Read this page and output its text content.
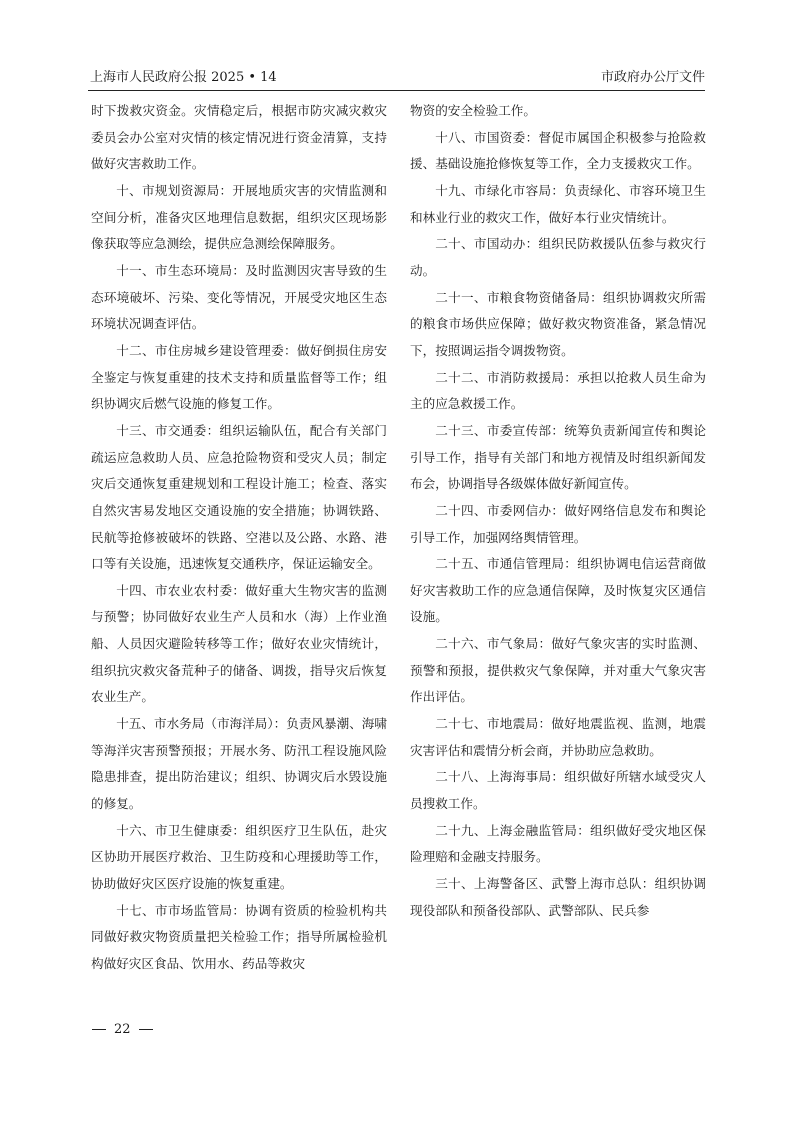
上海市人民政府公报 2025 • 14	市政府办公厅文件

时下拨救灾资金。灾情稳定后，根据市防灾减灾救灾委员会办公室对灾情的核定情况进行资金清算，支持做好灾害救助工作。

十、市规划资源局：开展地质灾害的灾情监测和空间分析，准备灾区地理信息数据，组织灾区现场影像获取等应急测绘，提供应急测绘保障服务。

十一、市生态环境局：及时监测因灾害导致的生态环境破坏、污染、变化等情况，开展受灾地区生态环境状况调查评估。

十二、市住房城乡建设管理委：做好倒损住房安全鉴定与恢复重建的技术支持和质量监督等工作；组织协调灾后燃气设施的修复工作。

十三、市交通委：组织运输队伍，配合有关部门疏运应急救助人员、应急抢险物资和受灾人员；制定灾后交通恢复重建规划和工程设计施工；检查、落实自然灾害易发地区交通设施的安全措施；协调铁路、民航等抢修被破坏的铁路、空港以及公路、水路、港口等有关设施，迅速恢复交通秩序，保证运输安全。

十四、市农业农村委：做好重大生物灾害的监测与预警；协同做好农业生产人员和水（海）上作业渔船、人员因灾避险转移等工作；做好农业灾情统计，组织抗灾救灾备荒种子的储备、调拨，指导灾后恢复农业生产。

十五、市水务局（市海洋局）：负责风暴潮、海啸等海洋灾害预警预报；开展水务、防汛工程设施风险隐患排查，提出防治建议；组织、协调灾后水毁设施的修复。

十六、市卫生健康委：组织医疗卫生队伍，赴灾区协助开展医疗救治、卫生防疫和心理援助等工作，协助做好灾区医疗设施的恢复重建。

十七、市市场监管局：协调有资质的检验机构共同做好救灾物资质量把关检验工作；指导所属检验机构做好灾区食品、饮用水、药品等救灾

物资的安全检验工作。

十八、市国资委：督促市属国企积极参与抢险救援、基础设施抢修恢复等工作，全力支援救灾工作。

十九、市绿化市容局：负责绿化、市容环境卫生和林业行业的救灾工作，做好本行业灾情统计。

二十、市国动办：组织民防救援队伍参与救灾行动。

二十一、市粮食物资储备局：组织协调救灾所需的粮食市场供应保障；做好救灾物资准备，紧急情况下，按照调运指令调拨物资。

二十二、市消防救援局：承担以抢救人员生命为主的应急救援工作。

二十三、市委宣传部：统筹负责新闻宣传和舆论引导工作，指导有关部门和地方视情及时组织新闻发布会，协调指导各级媒体做好新闻宣传。

二十四、市委网信办：做好网络信息发布和舆论引导工作，加强网络舆情管理。

二十五、市通信管理局：组织协调电信运营商做好灾害救助工作的应急通信保障，及时恢复灾区通信设施。

二十六、市气象局：做好气象灾害的实时监测、预警和预报，提供救灾气象保障，并对重大气象灾害作出评估。

二十七、市地震局：做好地震监视、监测，地震灾害评估和震情分析会商，并协助应急救助。

二十八、上海海事局：组织做好所辖水域受灾人员搜救工作。

二十九、上海金融监管局：组织做好受灾地区保险理赔和金融支持服务。

三十、上海警备区、武警上海市总队：组织协调现役部队和预备役部队、武警部队、民兵参

22
